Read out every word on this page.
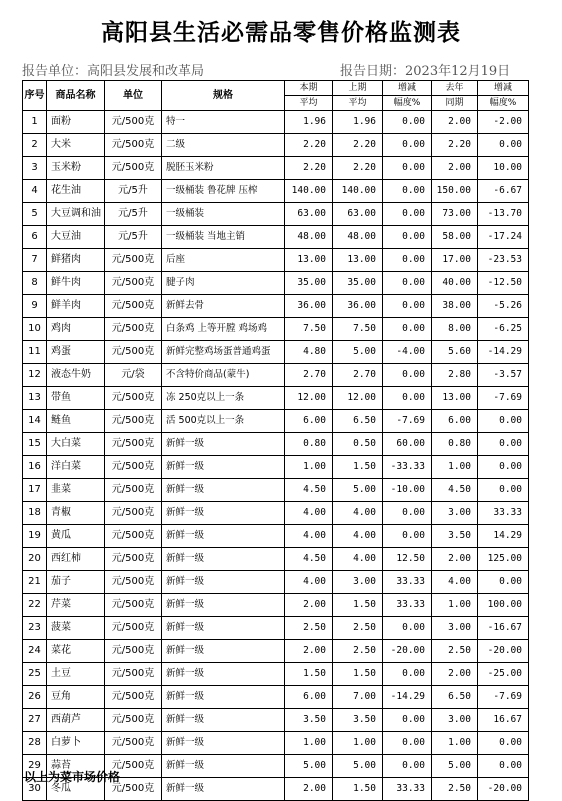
高阳县生活必需品零售价格监测表
报告单位：高阳县发展和改革局	报告日期：2023年12月19日
序号	商品名称	单位	规格	本期	上期	增减	去年	增减
				平均	平均	幅度%	同期	幅度%
1	面粉	元/500克	特一	1.96	1.96	0.00	2.00	-2.00
2	大米	元/500克	二级	2.20	2.20	0.00	2.20	0.00
3	玉米粉	元/500克	脱胚玉米粉	2.20	2.20	0.00	2.00	10.00
4	花生油	元/5升	一级桶装 鲁花牌 压榨	140.00	140.00	0.00	150.00	-6.67
5	大豆调和油	元/5升	一级桶装	63.00	63.00	0.00	73.00	-13.70
6	大豆油	元/5升	一级桶装 当地主销	48.00	48.00	0.00	58.00	-17.24
7	鲜猪肉	元/500克	后座	13.00	13.00	0.00	17.00	-23.53
8	鲜牛肉	元/500克	腱子肉	35.00	35.00	0.00	40.00	-12.50
9	鲜羊肉	元/500克	新鲜去骨	36.00	36.00	0.00	38.00	-5.26
10	鸡肉	元/500克	白条鸡 上等开膛 鸡场鸡	7.50	7.50	0.00	8.00	-6.25
11	鸡蛋	元/500克	新鲜完整鸡场蛋普通鸡蛋	4.80	5.00	-4.00	5.60	-14.29
12	液态牛奶	元/袋	不含特价商品(蒙牛)	2.70	2.70	0.00	2.80	-3.57
13	带鱼	元/500克	冻 250克以上一条	12.00	12.00	0.00	13.00	-7.69
14	鲢鱼	元/500克	活 500克以上一条	6.00	6.50	-7.69	6.00	0.00
15	大白菜	元/500克	新鲜一级	0.80	0.50	60.00	0.80	0.00
16	洋白菜	元/500克	新鲜一级	1.00	1.50	-33.33	1.00	0.00
17	韭菜	元/500克	新鲜一级	4.50	5.00	-10.00	4.50	0.00
18	青椒	元/500克	新鲜一级	4.00	4.00	0.00	3.00	33.33
19	黄瓜	元/500克	新鲜一级	4.00	4.00	0.00	3.50	14.29
20	西红柿	元/500克	新鲜一级	4.50	4.00	12.50	2.00	125.00
21	茄子	元/500克	新鲜一级	4.00	3.00	33.33	4.00	0.00
22	芹菜	元/500克	新鲜一级	2.00	1.50	33.33	1.00	100.00
23	菠菜	元/500克	新鲜一级	2.50	2.50	0.00	3.00	-16.67
24	菜花	元/500克	新鲜一级	2.00	2.50	-20.00	2.50	-20.00
25	土豆	元/500克	新鲜一级	1.50	1.50	0.00	2.00	-25.00
26	豆角	元/500克	新鲜一级	6.00	7.00	-14.29	6.50	-7.69
27	西葫芦	元/500克	新鲜一级	3.50	3.50	0.00	3.00	16.67
28	白萝卜	元/500克	新鲜一级	1.00	1.00	0.00	1.00	0.00
29	蒜苔	元/500克	新鲜一级	5.00	5.00	0.00	5.00	0.00
30	冬瓜	元/500克	新鲜一级	2.00	1.50	33.33	2.50	-20.00
以上为菜市场价格
